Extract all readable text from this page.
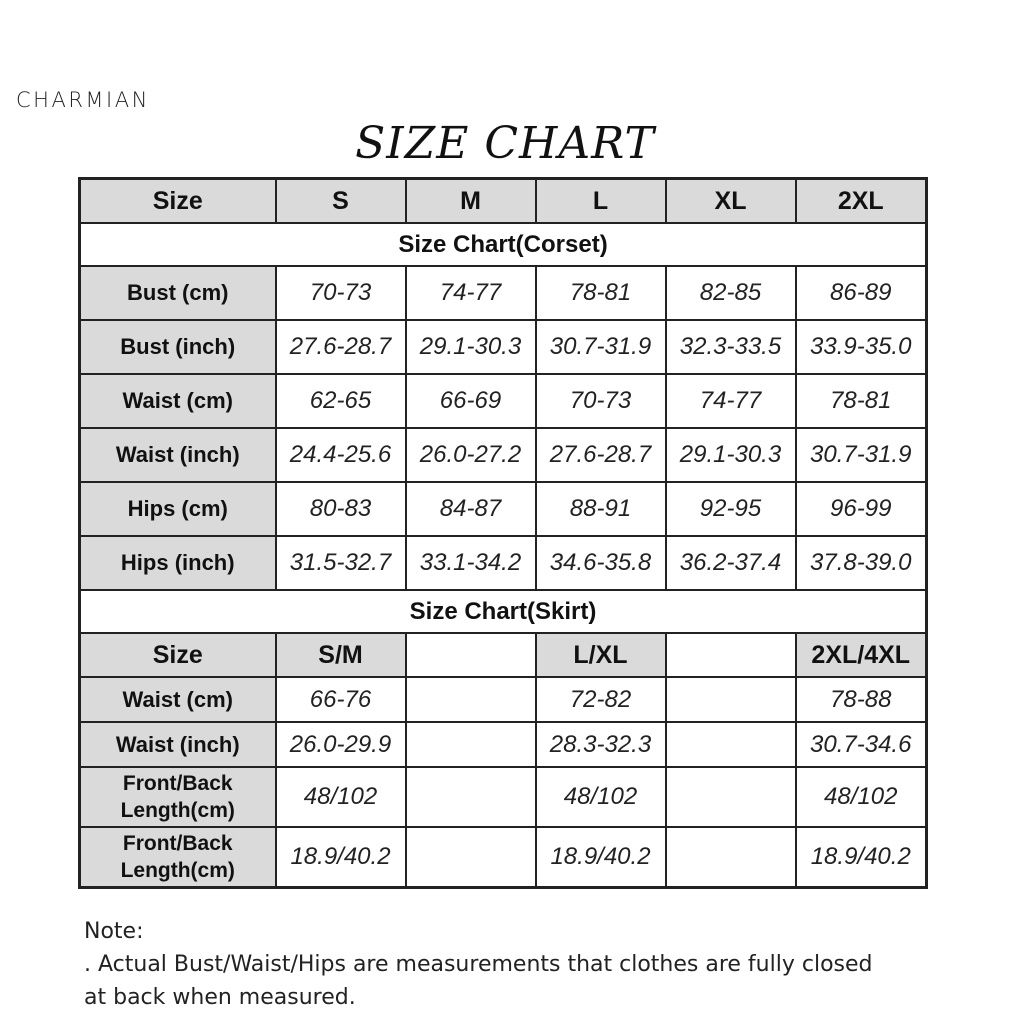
CHARMIAN
SIZE CHART
Size	S	M	L	XL	2XL
Size Chart(Corset)					
Bust (cm)	70-73	74-77	78-81	82-85	86-89
Bust (inch)	27.6-28.7	29.1-30.3	30.7-31.9	32.3-33.5	33.9-35.0
Waist (cm)	62-65	66-69	70-73	74-77	78-81
Waist (inch)	24.4-25.6	26.0-27.2	27.6-28.7	29.1-30.3	30.7-31.9
Hips (cm)	80-83	84-87	88-91	92-95	96-99
Hips (inch)	31.5-32.7	33.1-34.2	34.6-35.8	36.2-37.4	37.8-39.0
Size Chart(Skirt)					
Size	S/M		L/XL		2XL/4XL
Waist (cm)	66-76		72-82		78-88
Waist (inch)	26.0-29.9		28.3-32.3		30.7-34.6

Front/Back
Length(cm)	48/102		48/102		48/102

Front/Back
Length(cm)	18.9/40.2		18.9/40.2		18.9/40.2
Note:
. Actual Bust/Waist/Hips are measurements that clothes are fully closed
at back when measured.
